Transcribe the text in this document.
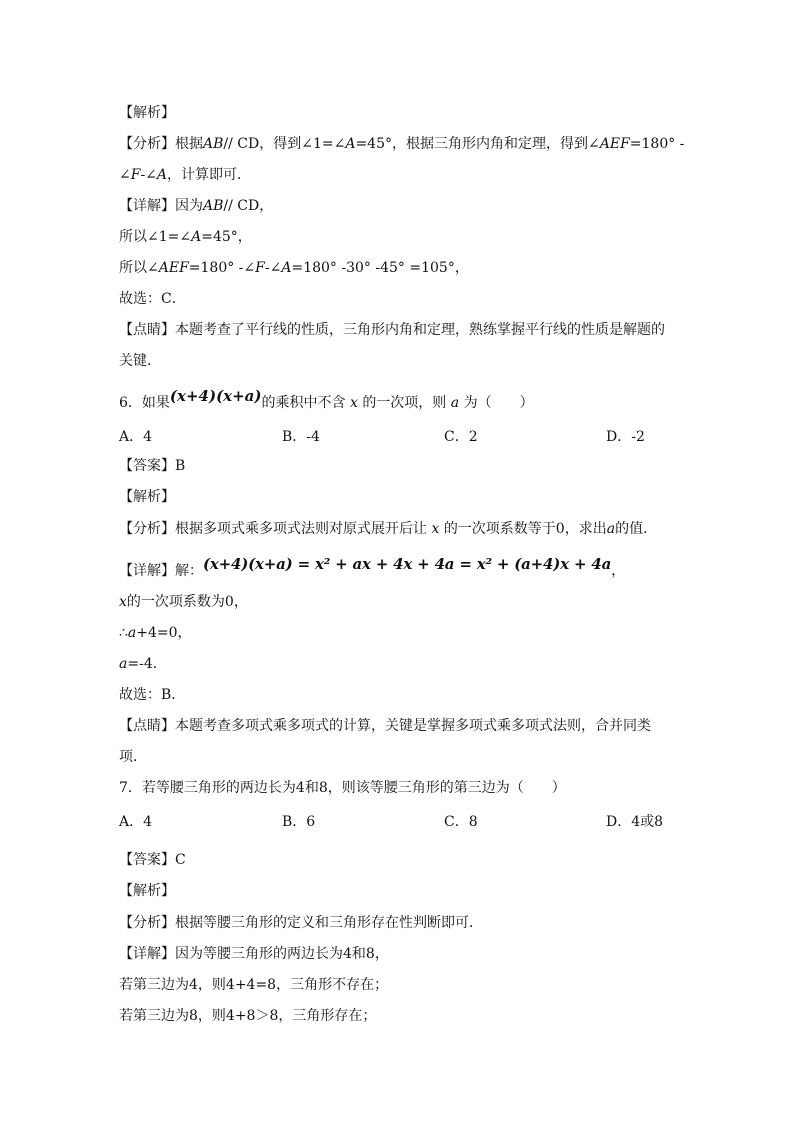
【解析】
【分析】根据AB// CD，得到∠1=∠A=45°，根据三角形内角和定理，得到∠AEF=180° -
∠F-∠A，计算即可．
【详解】因为AB// CD，
所以∠1=∠A=45°，
所以∠AEF=180° -∠F-∠A=180° -30° -45° =105°，
故选：C．
【点睛】本题考查了平行线的性质，三角形内角和定理，熟练掌握平行线的性质是解题的
关键．
6．如果(x+4)(x+a)的乘积中不含 x 的一次项，则 a 为（　　）
A．4	B．-4	C．2	D．-2
【答案】B
【解析】
【分析】根据多项式乘多项式法则对原式展开后让 x 的一次项系数等于0，求出a的值．
【详解】解：(x+4)(x+a) = x² + ax + 4x + 4a = x² + (a+4)x + 4a，
x的一次项系数为0，
∴a+4=0，
a=-4．
故选：B．
【点睛】本题考查多项式乘多项式的计算，关键是掌握多项式乘多项式法则，合并同类
项．
7．若等腰三角形的两边长为4和8，则该等腰三角形的第三边为（　　）
A．4	B．6	C．8	D．4或8
【答案】C
【解析】
【分析】根据等腰三角形的定义和三角形存在性判断即可．
【详解】因为等腰三角形的两边长为4和8，
若第三边为4，则4+4=8，三角形不存在；
若第三边为8，则4+8＞8，三角形存在；
